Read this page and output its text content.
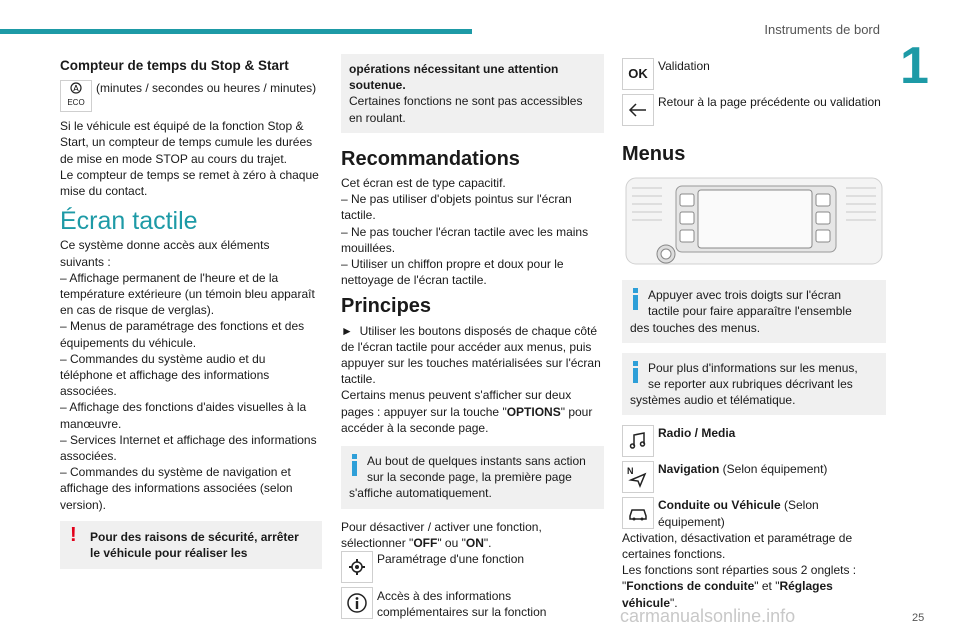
Instruments de bord
1
Compteur de temps du Stop & Start
A

ECO
(minutes / secondes ou heures / minutes)

Si le véhicule est équipé de la fonction Stop &
Start, un compteur de temps cumule les durées
de mise en mode STOP au cours du trajet.
Le compteur de temps se remet à zéro à chaque
mise du contact.

Écran tactile

Ce système donne accès aux éléments
suivants :
– Affichage permanent de l'heure et de la
température extérieure (un témoin bleu apparaît
en cas de risque de verglas).
– Menus de paramétrage des fonctions et des
équipements du véhicule.
– Commandes du système audio et du
téléphone et affichage des informations
associées.
– Affichage des fonctions d'aides visuelles à la
manœuvre.
– Services Internet et affichage des informations
associées.
– Commandes du système de navigation et
affichage des informations associées (selon
version).

! Pour des raisons de sécurité, arrêter
le véhicule pour réaliser les
opérations nécessitant une attention
soutenue.
Certaines fonctions ne sont pas accessibles
en roulant.
Recommandations

Cet écran est de type capacitif.
– Ne pas utiliser d'objets pointus sur l'écran
tactile.
– Ne pas toucher l'écran tactile avec les mains
mouillées.
– Utiliser un chiffon propre et doux pour le
nettoyage de l'écran tactile.

Principes

► Utiliser les boutons disposés de chaque côté
de l'écran tactile pour accéder aux menus, puis
appuyer sur les touches matérialisées sur l'écran
tactile.
Certains menus peuvent s'afficher sur deux
pages : appuyer sur la touche "OPTIONS" pour
accéder à la seconde page.

Au bout de quelques instants sans action
sur la seconde page, la première page
s'affiche automatiquement.

Pour désactiver / activer une fonction,
sélectionner "OFF" ou "ON".

Paramétrage d'une fonction
Accès à des informations
complémentaires sur la fonction
OK Validation
Retour à la page précédente ou validation
Menus
Appuyer avec trois doigts sur l'écran
tactile pour faire apparaître l'ensemble
des touches des menus.
Pour plus d'informations sur les menus,
se reporter aux rubriques décrivant les
systèmes audio et télématique.
Radio / Media
N Navigation (Selon équipement)
Conduite ou Véhicule (Selon
équipement)

Activation, désactivation et paramétrage de
certaines fonctions.
Les fonctions sont réparties sous 2 onglets :
"Fonctions de conduite" et "Réglages
véhicule".

carmanualsonline.info	25
